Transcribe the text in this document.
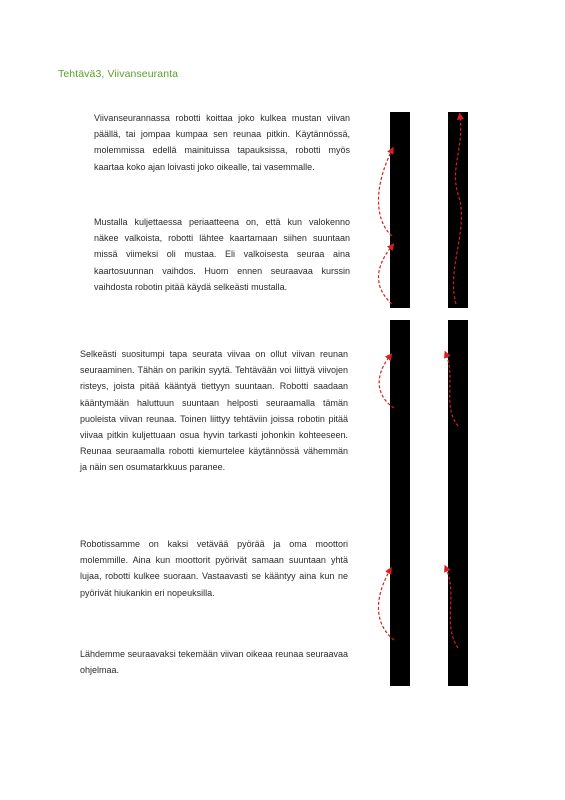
Tehtävä3, Viivanseuranta

Viivanseurannassa robotti koittaa joko kulkea mustan viivan päällä, tai jompaa kumpaa sen reunaa pitkin. Käytännössä, molemmissa edellä mainituissa tapauksissa, robotti myös kaartaa koko ajan loivasti joko oikealle, tai vasemmalle.

Mustalla kuljettaessa periaatteena on, että kun valokenno näkee valkoista, robotti lähtee kaartamaan siihen suuntaan missä viimeksi oli mustaa. Eli valkoisesta seuraa aina kaartosuunnan vaihdos. Huom ennen seuraavaa kurssin vaihdosta robotin pitää käydä selkeästi mustalla.

Selkeästi suositumpi tapa seurata viivaa on ollut viivan reunan seuraaminen. Tähän on parikin syytä. Tehtävään voi liittyä viivojen risteys, joista pitää kääntyä tiettyyn suuntaan. Robotti saadaan kääntymään haluttuun suuntaan helposti seuraamalla tämän puoleista viivan reunaa. Toinen liittyy tehtäviin joissa robotin pitää viivaa pitkin kuljettuaan osua hyvin tarkasti johonkin kohteeseen. Reunaa seuraamalla robotti kiemurtelee käytännössä vähemmän ja näin sen osumatarkkuus paranee.

Robotissamme on kaksi vetävää pyörää ja oma moottori molemmille. Aina kun moottorit pyörivät samaan suuntaan yhtä lujaa, robotti kulkee suoraan. Vastaavasti se kääntyy aina kun ne pyörivät hiukankin eri nopeuksilla.

Lähdemme seuraavaksi tekemään viivan oikeaa reunaa seuraavaa ohjelmaa.
